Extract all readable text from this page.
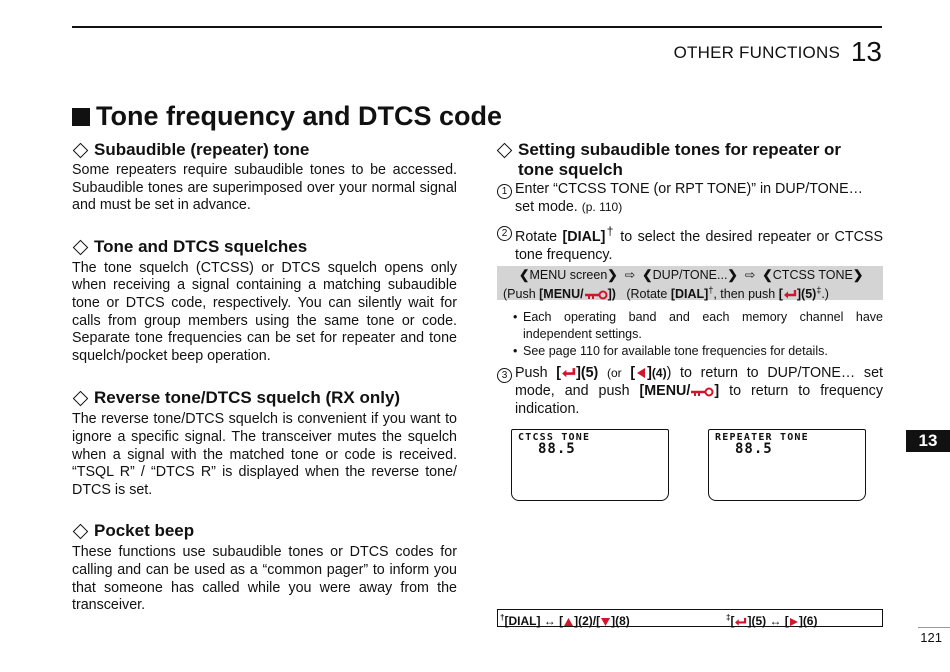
OTHER FUNCTIONS 13
Tone frequency and DTCS code
Subaudible (repeater) tone
Some repeaters require subaudible tones to be accessed. Subaudible tones are superimposed over your normal signal and must be set in advance.
Tone and DTCS squelches
The tone squelch (CTCSS) or DTCS squelch opens only when receiving a signal containing a matching subaudible tone or DTCS code, respectively. You can silently wait for calls from group members using the same tone or code. Separate tone frequencies can be set for repeater and tone squelch/pocket beep operation.
Reverse tone/DTCS squelch (RX only)
The reverse tone/DTCS squelch is convenient if you want to ignore a specific signal. The transceiver mutes the squelch when a signal with the matched tone or code is received. “TSQL R” / “DTCS R” is displayed when the reverse tone/ DTCS is set.
Pocket beep
These functions use subaudible tones or DTCS codes for calling and can be used as a “common pager” to inform you that someone has called while you were away from the transceiver.
Setting subaudible tones for repeater or
tone squelch
1 Enter “CTCSS TONE (or RPT TONE)” in DUP/TONE… set mode. (p. 110)
2 Rotate [DIAL]† to select the desired repeater or CTCSS tone frequency.
❮MENU screen❯ ⇨ ❮DUP/TONE...❯ ⇨ ❮CTCSS TONE❯
(Push [MENU/ ]) (Rotate [DIAL]†, then push [ ](5)‡.)
• Each operating band and each memory channel have independent settings.
• See page 110 for available tone frequencies for details.
3 Push [ ](5) (or [ ](4)) to return to DUP/TONE… set mode, and push [MENU/ ] to return to frequency indication.
CTCSS TONE
88.5
REPEATER TONE
88.5	13
†[DIAL] ↔ [ ](2)/[ ](8)	‡[ ](5) ↔ [ ](6)
121
